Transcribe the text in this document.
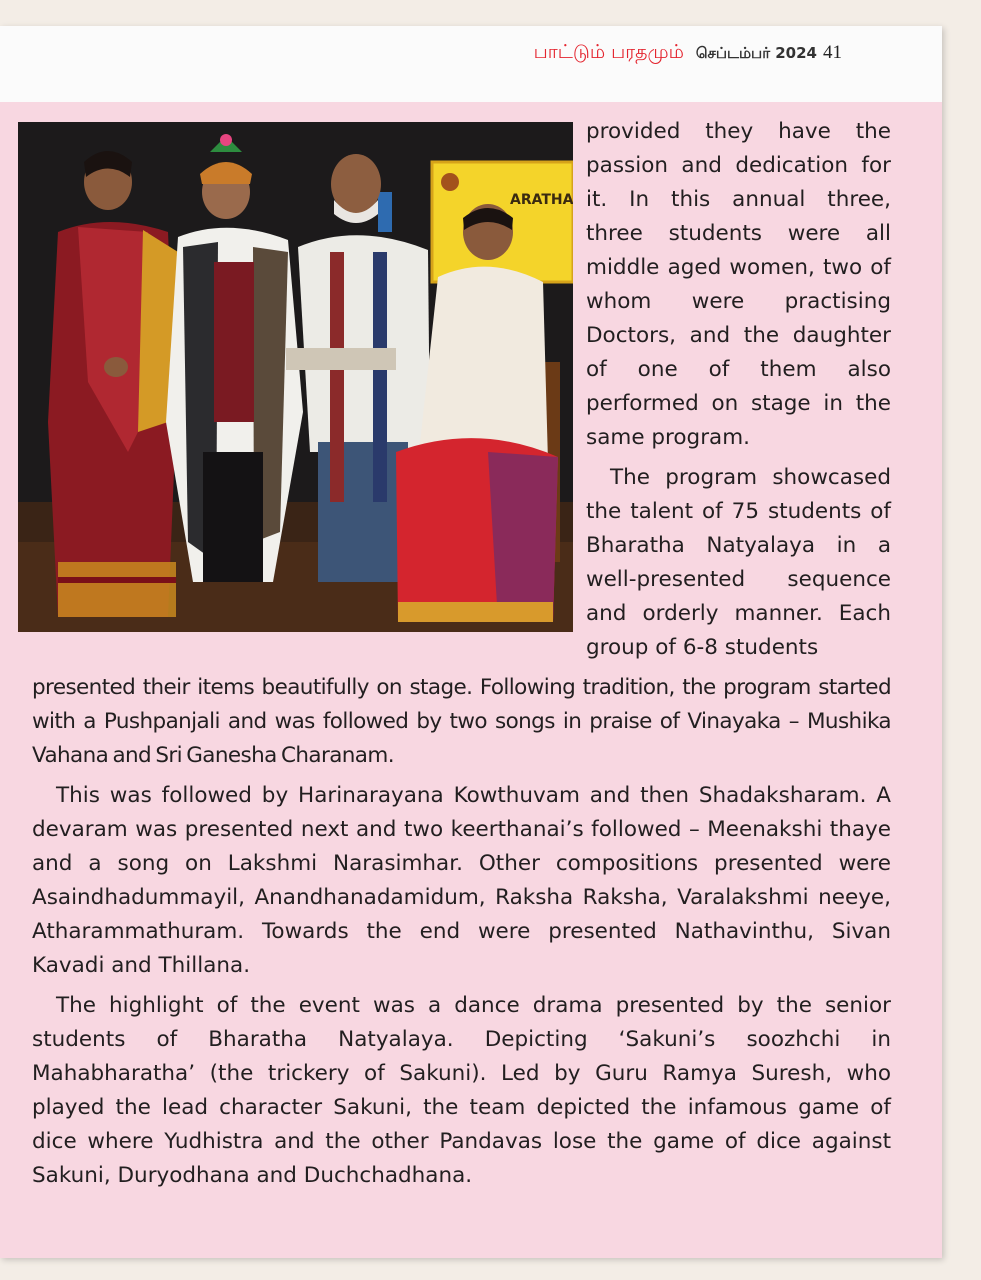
பாட்டும் பரதமும் செப்டம்பர் 2024 41
ARATHA

provided they have the passion and dedication for it. In this annual three, three students were all middle aged women, two of whom were practising Doctors, and the daughter of one of them also performed on stage in the same program.

The program showcased the talent of 75 students of Bharatha Natyalaya in a well-presented sequence and orderly manner. Each group of 6-8 students

presented their items beautifully on stage. Following tradition, the program started with a Pushpanjali and was followed by two songs in praise of Vinayaka – Mushika Vahana and Sri Ganesha Charanam.

This was followed by Harinarayana Kowthuvam and then Shadaksharam. A devaram was presented next and two keerthanai’s followed – Meenakshi thaye and a song on Lakshmi Narasimhar. Other compositions presented were Asaindhadummayil, Anandhanadamidum, Raksha Raksha, Varalakshmi neeye, Atharammathuram. Towards the end were presented Nathavinthu, Sivan Kavadi and Thillana.

The highlight of the event was a dance drama presented by the senior students of Bharatha Natyalaya. Depicting ‘Sakuni’s soozhchi in Mahabharatha’ (the trickery of Sakuni). Led by Guru Ramya Suresh, who played the lead character Sakuni, the team depicted the infamous game of dice where Yudhistra and the other Pandavas lose the game of dice against Sakuni, Duryodhana and Duchchadhana.
